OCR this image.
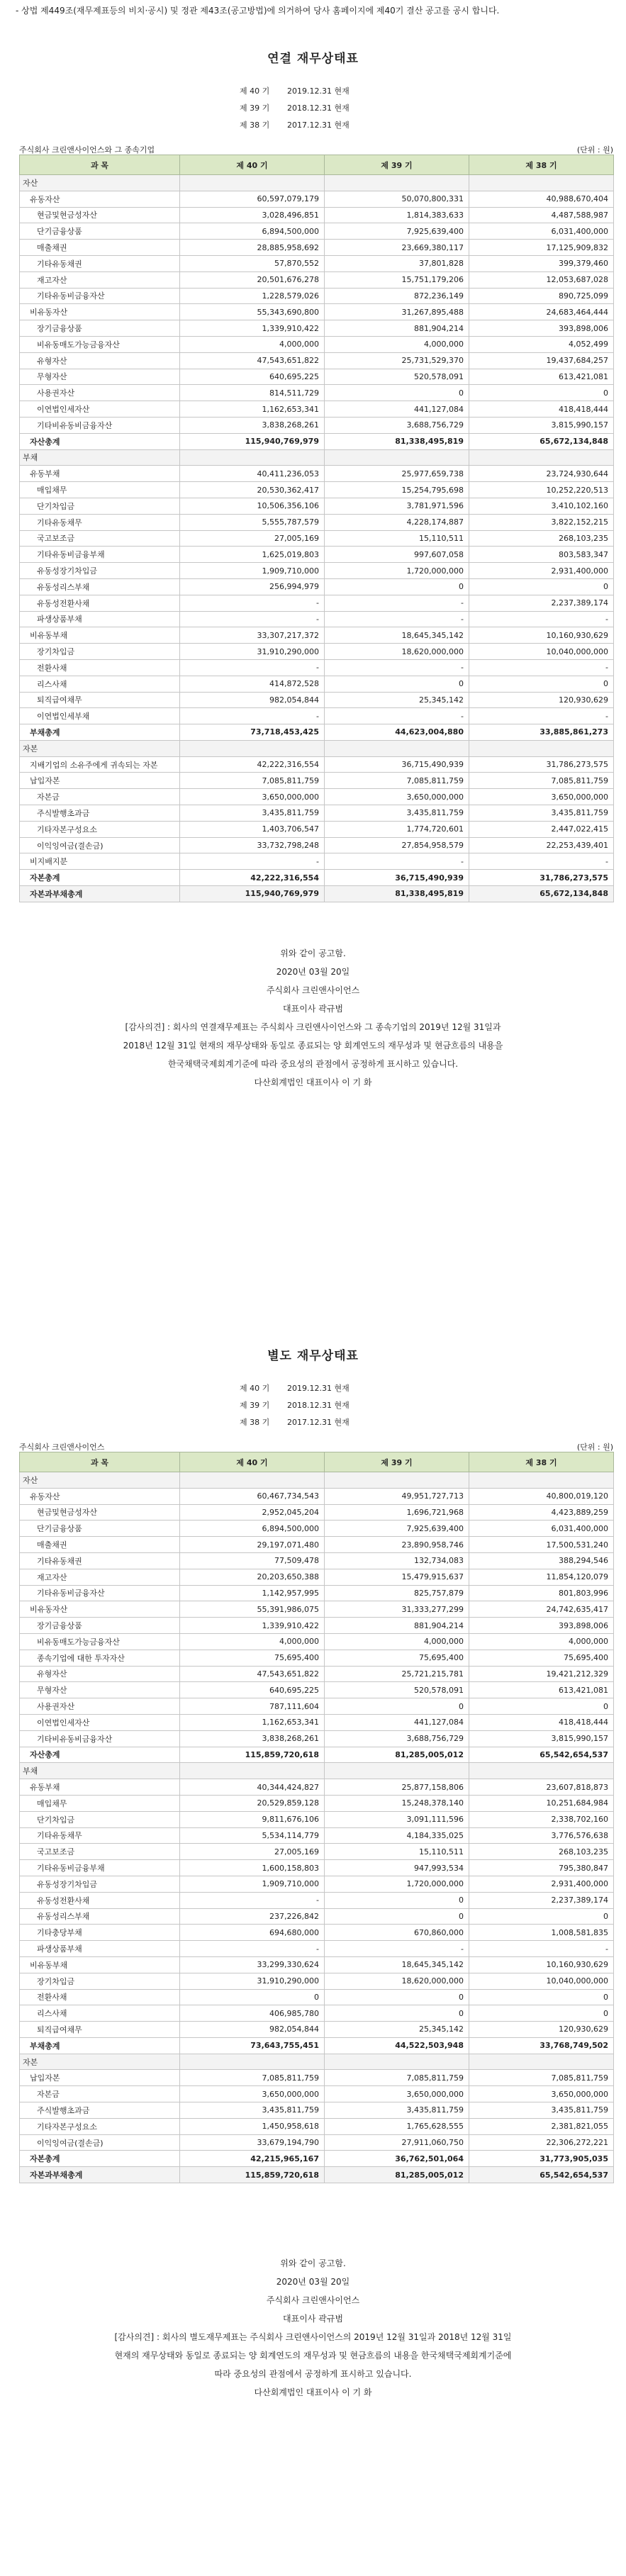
- 상법 제449조(재무제표등의 비치·공시) 및 정관 제43조(공고방법)에 의거하여 당사 홈페이지에 제40기 결산 공고를 공시 합니다.
연결 재무상태표
제 40 기 2019.12.31 현재
제 39 기 2018.12.31 현재
제 38 기 2017.12.31 현재
주식회사 크린앤사이언스와 그 종속기업	(단위 : 원)
과 목	제 40 기	제 39 기	제 38 기
자산			
유동자산	60,597,079,179	50,070,800,331	40,988,670,404
현금및현금성자산	3,028,496,851	1,814,383,633	4,487,588,987
단기금융상품	6,894,500,000	7,925,639,400	6,031,400,000
매출채권	28,885,958,692	23,669,380,117	17,125,909,832
기타유동채권	57,870,552	37,801,828	399,379,460
재고자산	20,501,676,278	15,751,179,206	12,053,687,028
기타유동비금융자산	1,228,579,026	872,236,149	890,725,099
비유동자산	55,343,690,800	31,267,895,488	24,683,464,444
장기금융상품	1,339,910,422	881,904,214	393,898,006
비유동매도가능금융자산	4,000,000	4,000,000	4,052,499
유형자산	47,543,651,822	25,731,529,370	19,437,684,257
무형자산	640,695,225	520,578,091	613,421,081
사용권자산	814,511,729	0	0
이연법인세자산	1,162,653,341	441,127,084	418,418,444
기타비유동비금융자산	3,838,268,261	3,688,756,729	3,815,990,157
자산총계	115,940,769,979	81,338,495,819	65,672,134,848
부채			
유동부채	40,411,236,053	25,977,659,738	23,724,930,644
매입채무	20,530,362,417	15,254,795,698	10,252,220,513
단기차입금	10,506,356,106	3,781,971,596	3,410,102,160
기타유동채무	5,555,787,579	4,228,174,887	3,822,152,215
국고보조금	27,005,169	15,110,511	268,103,235
기타유동비금융부채	1,625,019,803	997,607,058	803,583,347
유동성장기차입금	1,909,710,000	1,720,000,000	2,931,400,000
유동성리스부채	256,994,979	0	0
유동성전환사채	-	-	2,237,389,174
파생상품부채	-	-	-
비유동부채	33,307,217,372	18,645,345,142	10,160,930,629
장기차입금	31,910,290,000	18,620,000,000	10,040,000,000
전환사채	-	-	-
리스사채	414,872,528	0	0
퇴직급여채무	982,054,844	25,345,142	120,930,629
이연법인세부채	-	-	-
부채총계	73,718,453,425	44,623,004,880	33,885,861,273
자본			
지배기업의 소유주에게 귀속되는 자본	42,222,316,554	36,715,490,939	31,786,273,575
납입자본	7,085,811,759	7,085,811,759	7,085,811,759
자본금	3,650,000,000	3,650,000,000	3,650,000,000
주식발행초과금	3,435,811,759	3,435,811,759	3,435,811,759
기타자본구성요소	1,403,706,547	1,774,720,601	2,447,022,415
이익잉여금(결손금)	33,732,798,248	27,854,958,579	22,253,439,401
비지배지분	-	-	-
자본총계	42,222,316,554	36,715,490,939	31,786,273,575
자본과부채총계	115,940,769,979	81,338,495,819	65,672,134,848
위와 같이 공고함.
2020년 03월 20일
주식회사 크린앤사이언스
대표이사 곽규범
[감사의견] : 회사의 연결재무제표는 주식회사 크린앤사이언스와 그 종속기업의 2019년 12월 31일과
2018년 12월 31일 현재의 재무상태와 동일로 종료되는 양 회계연도의 재무성과 및 현금흐름의 내용을
한국채택국제회계기준에 따라 중요성의 관점에서 공정하게 표시하고 있습니다.
다산회계법인 대표이사 이 기 화
별도 재무상태표
제 40 기 2019.12.31 현재
제 39 기 2018.12.31 현재
제 38 기 2017.12.31 현재
주식회사 크린앤사이언스	(단위 : 원)
과 목	제 40 기	제 39 기	제 38 기
자산			
유동자산	60,467,734,543	49,951,727,713	40,800,019,120
현금및현금성자산	2,952,045,204	1,696,721,968	4,423,889,259
단기금융상품	6,894,500,000	7,925,639,400	6,031,400,000
매출채권	29,197,071,480	23,890,958,746	17,500,531,240
기타유동채권	77,509,478	132,734,083	388,294,546
재고자산	20,203,650,388	15,479,915,637	11,854,120,079
기타유동비금융자산	1,142,957,995	825,757,879	801,803,996
비유동자산	55,391,986,075	31,333,277,299	24,742,635,417
장기금융상품	1,339,910,422	881,904,214	393,898,006
비유동매도가능금융자산	4,000,000	4,000,000	4,000,000
종속기업에 대한 투자자산	75,695,400	75,695,400	75,695,400
유형자산	47,543,651,822	25,721,215,781	19,421,212,329
무형자산	640,695,225	520,578,091	613,421,081
사용권자산	787,111,604	0	0
이연법인세자산	1,162,653,341	441,127,084	418,418,444
기타비유동비금융자산	3,838,268,261	3,688,756,729	3,815,990,157
자산총계	115,859,720,618	81,285,005,012	65,542,654,537
부채			
유동부채	40,344,424,827	25,877,158,806	23,607,818,873
매입채무	20,529,859,128	15,248,378,140	10,251,684,984
단기차입금	9,811,676,106	3,091,111,596	2,338,702,160
기타유동채무	5,534,114,779	4,184,335,025	3,776,576,638
국고보조금	27,005,169	15,110,511	268,103,235
기타유동비금융부채	1,600,158,803	947,993,534	795,380,847
유동성장기차입금	1,909,710,000	1,720,000,000	2,931,400,000
유동성전환사채	-	0	2,237,389,174
유동성리스부채	237,226,842	0	0
기타충당부채	694,680,000	670,860,000	1,008,581,835
파생상품부채	-	-	-
비유동부채	33,299,330,624	18,645,345,142	10,160,930,629
장기차입금	31,910,290,000	18,620,000,000	10,040,000,000
전환사채	0	0	0
리스사채	406,985,780	0	0
퇴직급여채무	982,054,844	25,345,142	120,930,629
부채총계	73,643,755,451	44,522,503,948	33,768,749,502
자본			
납입자본	7,085,811,759	7,085,811,759	7,085,811,759
자본금	3,650,000,000	3,650,000,000	3,650,000,000
주식발행초과금	3,435,811,759	3,435,811,759	3,435,811,759
기타자본구성요소	1,450,958,618	1,765,628,555	2,381,821,055
이익잉여금(결손금)	33,679,194,790	27,911,060,750	22,306,272,221
자본총계	42,215,965,167	36,762,501,064	31,773,905,035
자본과부채총계	115,859,720,618	81,285,005,012	65,542,654,537
위와 같이 공고함.
2020년 03월 20일
주식회사 크린앤사이언스
대표이사 곽규범
[감사의견] : 회사의 별도재무제표는 주식회사 크린앤사이언스의 2019년 12월 31일과 2018년 12월 31일
현재의 재무상태와 동일로 종료되는 양 회계연도의 재무성과 및 현금흐름의 내용을 한국채택국제회계기준에
따라 중요성의 관점에서 공정하게 표시하고 있습니다.
다산회계법인 대표이사 이 기 화
